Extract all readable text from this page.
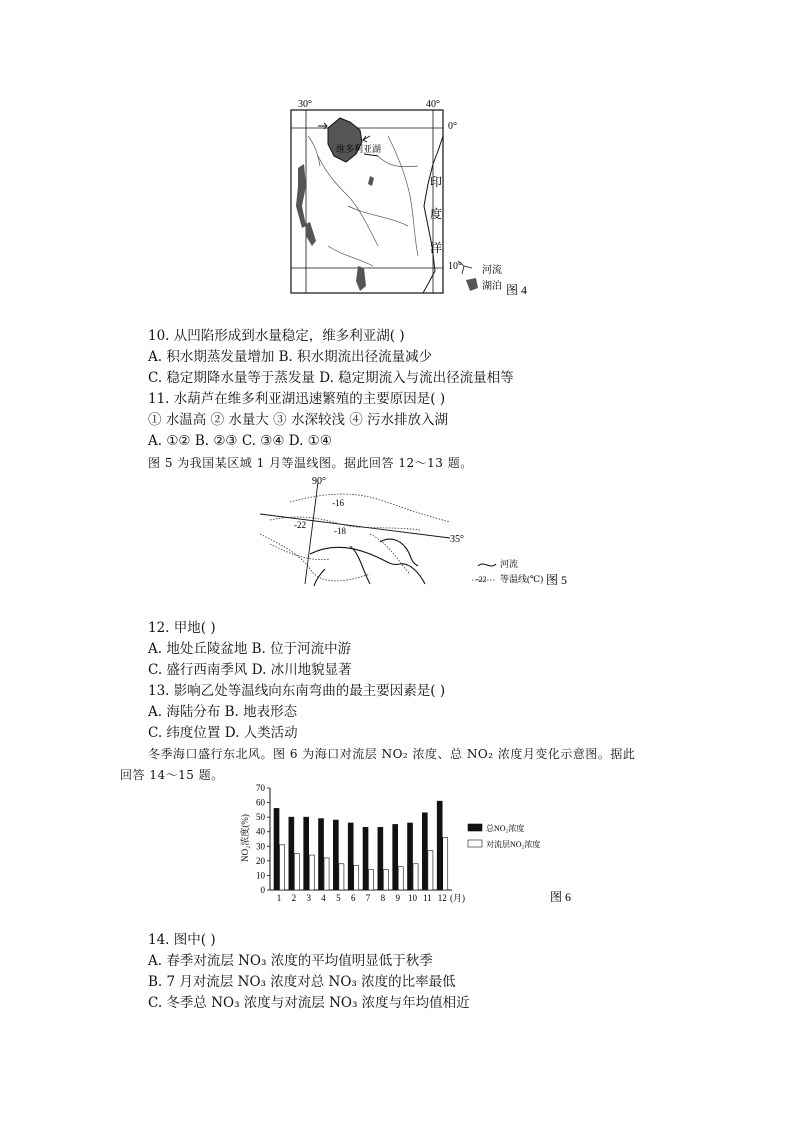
30°	40°
0°
10°
维多利亚湖
印
度
洋
河流
湖泊 图 4
10. 从凹陷形成到水量稳定，维多利亚湖( )
A. 积水期蒸发量增加 B. 积水期流出径流量减少
C. 稳定期降水量等于蒸发量 D. 稳定期流入与流出径流量相等
11. 水葫芦在维多利亚湖迅速繁殖的主要原因是( )
① 水温高 ② 水量大 ③ 水深较浅 ④ 污水排放入湖
A. ①② B. ②③ C. ③④ D. ①④
图 5 为我国某区域 1 月等温线图。据此回答 12～13 题。
90°
35°
-16
-18
-22
河流
-22 等温线(℃) 图 5
12. 甲地( )
A. 地处丘陵盆地 B. 位于河流中游
C. 盛行西南季风 D. 冰川地貌显著
13. 影响乙处等温线向东南弯曲的最主要因素是( )
A. 海陆分布 B. 地表形态
C. 纬度位置 D. 人类活动
冬季海口盛行东北风。图 6 为海口对流层 NO₂ 浓度、总 NO₂ 浓度月变化示意图。据此
回答 14～15 题。
0
10
20
30
40
50
60
70
1 2 3 4 5 6 7 8 9 10 11 12
NO₂浓度(%)
(月)
总NO₂浓度
对流层NO₂浓度
图 6
14. 图中( )
A. 春季对流层 NO₃ 浓度的平均值明显低于秋季
B. 7 月对流层 NO₃ 浓度对总 NO₃ 浓度的比率最低
C. 冬季总 NO₃ 浓度与对流层 NO₃ 浓度与年均值相近
